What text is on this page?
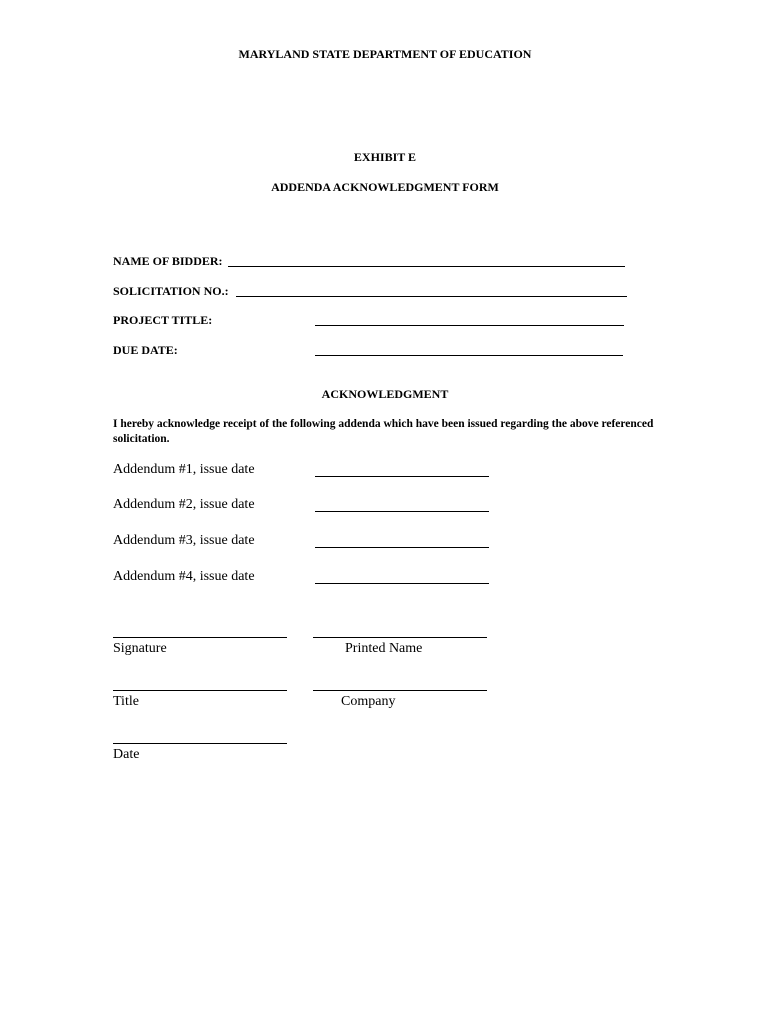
MARYLAND STATE DEPARTMENT OF EDUCATION
EXHIBIT E
ADDENDA ACKNOWLEDGMENT FORM
NAME OF BIDDER:
SOLICITATION NO.:
PROJECT TITLE:
DUE DATE:
ACKNOWLEDGMENT
I hereby acknowledge receipt of the following addenda which have been issued regarding the above referenced solicitation.
Addendum #1, issue date
Addendum #2, issue date
Addendum #3, issue date
Addendum #4, issue date
Signature	Printed Name
Title	Company
Date
